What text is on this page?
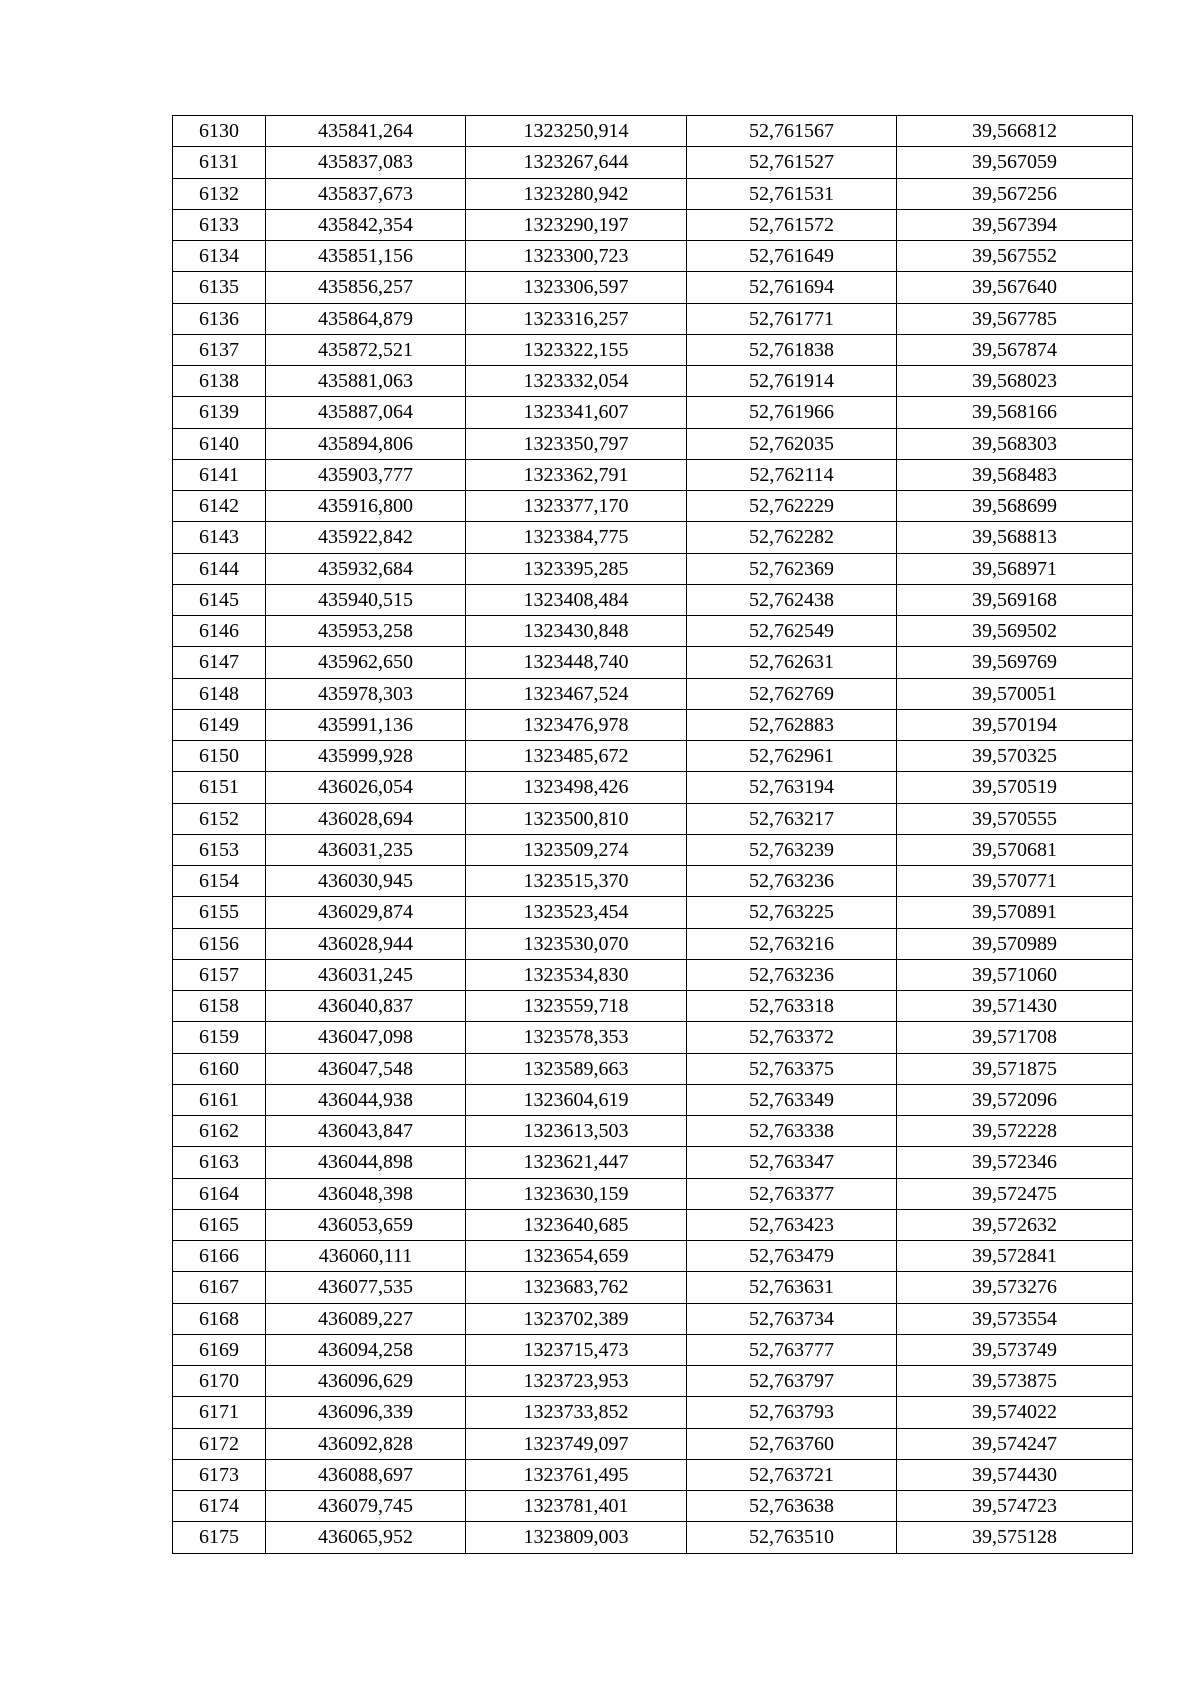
6130	435841,264	1323250,914	52,761567	39,566812
6131	435837,083	1323267,644	52,761527	39,567059
6132	435837,673	1323280,942	52,761531	39,567256
6133	435842,354	1323290,197	52,761572	39,567394
6134	435851,156	1323300,723	52,761649	39,567552
6135	435856,257	1323306,597	52,761694	39,567640
6136	435864,879	1323316,257	52,761771	39,567785
6137	435872,521	1323322,155	52,761838	39,567874
6138	435881,063	1323332,054	52,761914	39,568023
6139	435887,064	1323341,607	52,761966	39,568166
6140	435894,806	1323350,797	52,762035	39,568303
6141	435903,777	1323362,791	52,762114	39,568483
6142	435916,800	1323377,170	52,762229	39,568699
6143	435922,842	1323384,775	52,762282	39,568813
6144	435932,684	1323395,285	52,762369	39,568971
6145	435940,515	1323408,484	52,762438	39,569168
6146	435953,258	1323430,848	52,762549	39,569502
6147	435962,650	1323448,740	52,762631	39,569769
6148	435978,303	1323467,524	52,762769	39,570051
6149	435991,136	1323476,978	52,762883	39,570194
6150	435999,928	1323485,672	52,762961	39,570325
6151	436026,054	1323498,426	52,763194	39,570519
6152	436028,694	1323500,810	52,763217	39,570555
6153	436031,235	1323509,274	52,763239	39,570681
6154	436030,945	1323515,370	52,763236	39,570771
6155	436029,874	1323523,454	52,763225	39,570891
6156	436028,944	1323530,070	52,763216	39,570989
6157	436031,245	1323534,830	52,763236	39,571060
6158	436040,837	1323559,718	52,763318	39,571430
6159	436047,098	1323578,353	52,763372	39,571708
6160	436047,548	1323589,663	52,763375	39,571875
6161	436044,938	1323604,619	52,763349	39,572096
6162	436043,847	1323613,503	52,763338	39,572228
6163	436044,898	1323621,447	52,763347	39,572346
6164	436048,398	1323630,159	52,763377	39,572475
6165	436053,659	1323640,685	52,763423	39,572632
6166	436060,111	1323654,659	52,763479	39,572841
6167	436077,535	1323683,762	52,763631	39,573276
6168	436089,227	1323702,389	52,763734	39,573554
6169	436094,258	1323715,473	52,763777	39,573749
6170	436096,629	1323723,953	52,763797	39,573875
6171	436096,339	1323733,852	52,763793	39,574022
6172	436092,828	1323749,097	52,763760	39,574247
6173	436088,697	1323761,495	52,763721	39,574430
6174	436079,745	1323781,401	52,763638	39,574723
6175	436065,952	1323809,003	52,763510	39,575128
